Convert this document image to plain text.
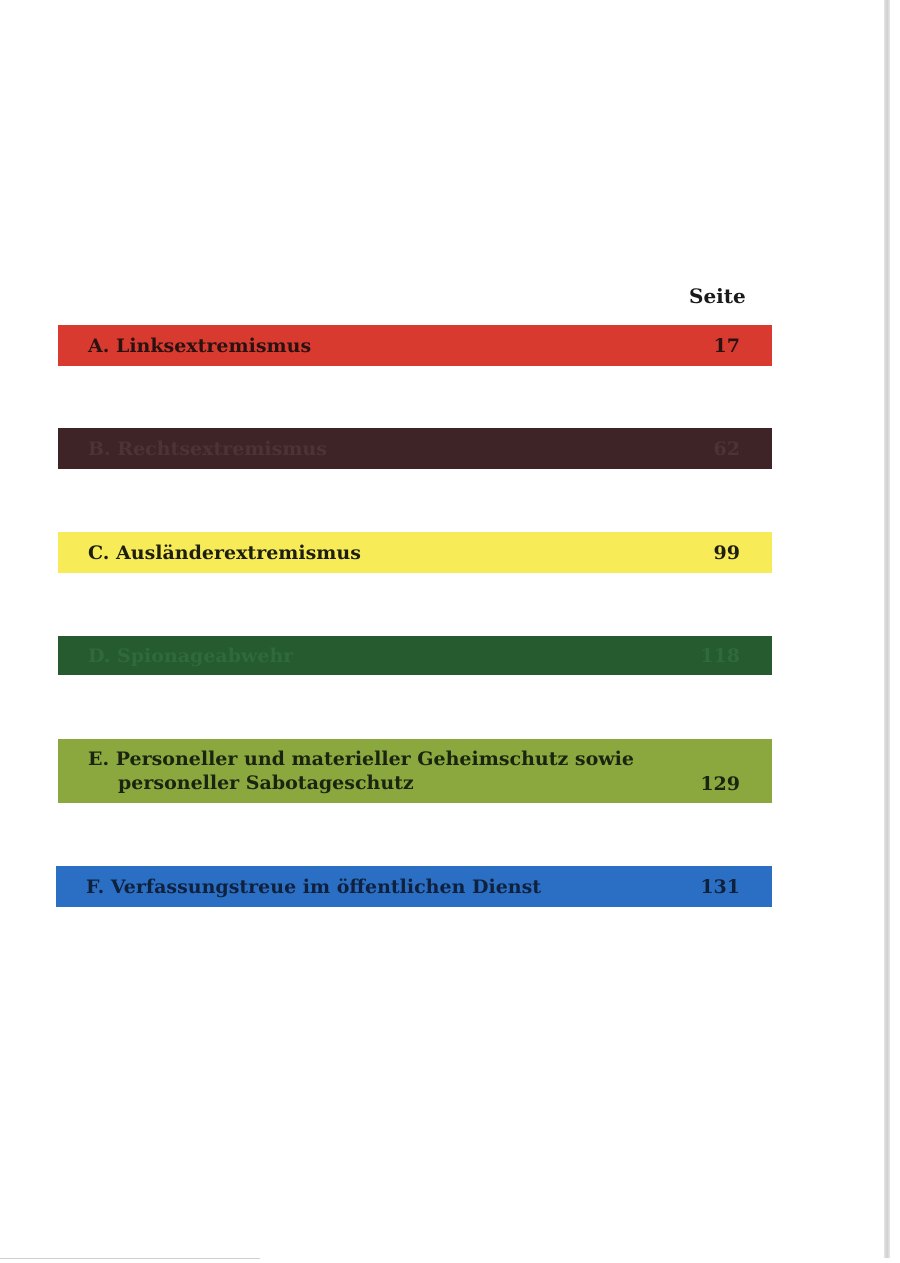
Seite
A. Linksextremismus	17
B. Rechtsextremismus	62
C. Ausländerextremismus	99
D. Spionageabwehr	118
E. Personeller und materieller Geheimschutz sowie
personeller Sabotageschutz	129
F. Verfassungstreue im öffentlichen Dienst	131
